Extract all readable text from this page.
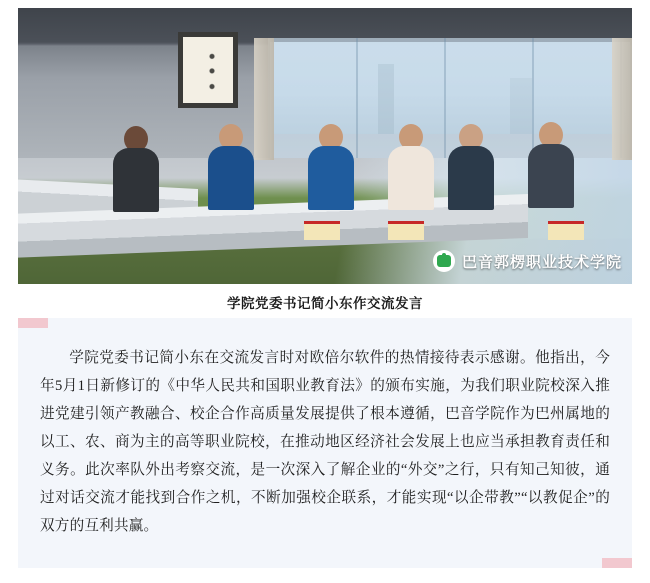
巴音郭楞职业技术学院
学院党委书记简小东作交流发言

学院党委书记简小东在交流发言时对欧倍尔软件的热情接待表示感谢。他指出，今年5月1日新修订的《中华人民共和国职业教育法》的颁布实施，为我们职业院校深入推进党建引领产教融合、校企合作高质量发展提供了根本遵循，巴音学院作为巴州属地的以工、农、商为主的高等职业院校，在推动地区经济社会发展上也应当承担教育责任和义务。此次率队外出考察交流，是一次深入了解企业的“外交”之行，只有知己知彼，通过对话交流才能找到合作之机，不断加强校企联系，才能实现“以企带教”“以教促企”的双方的互利共赢。
